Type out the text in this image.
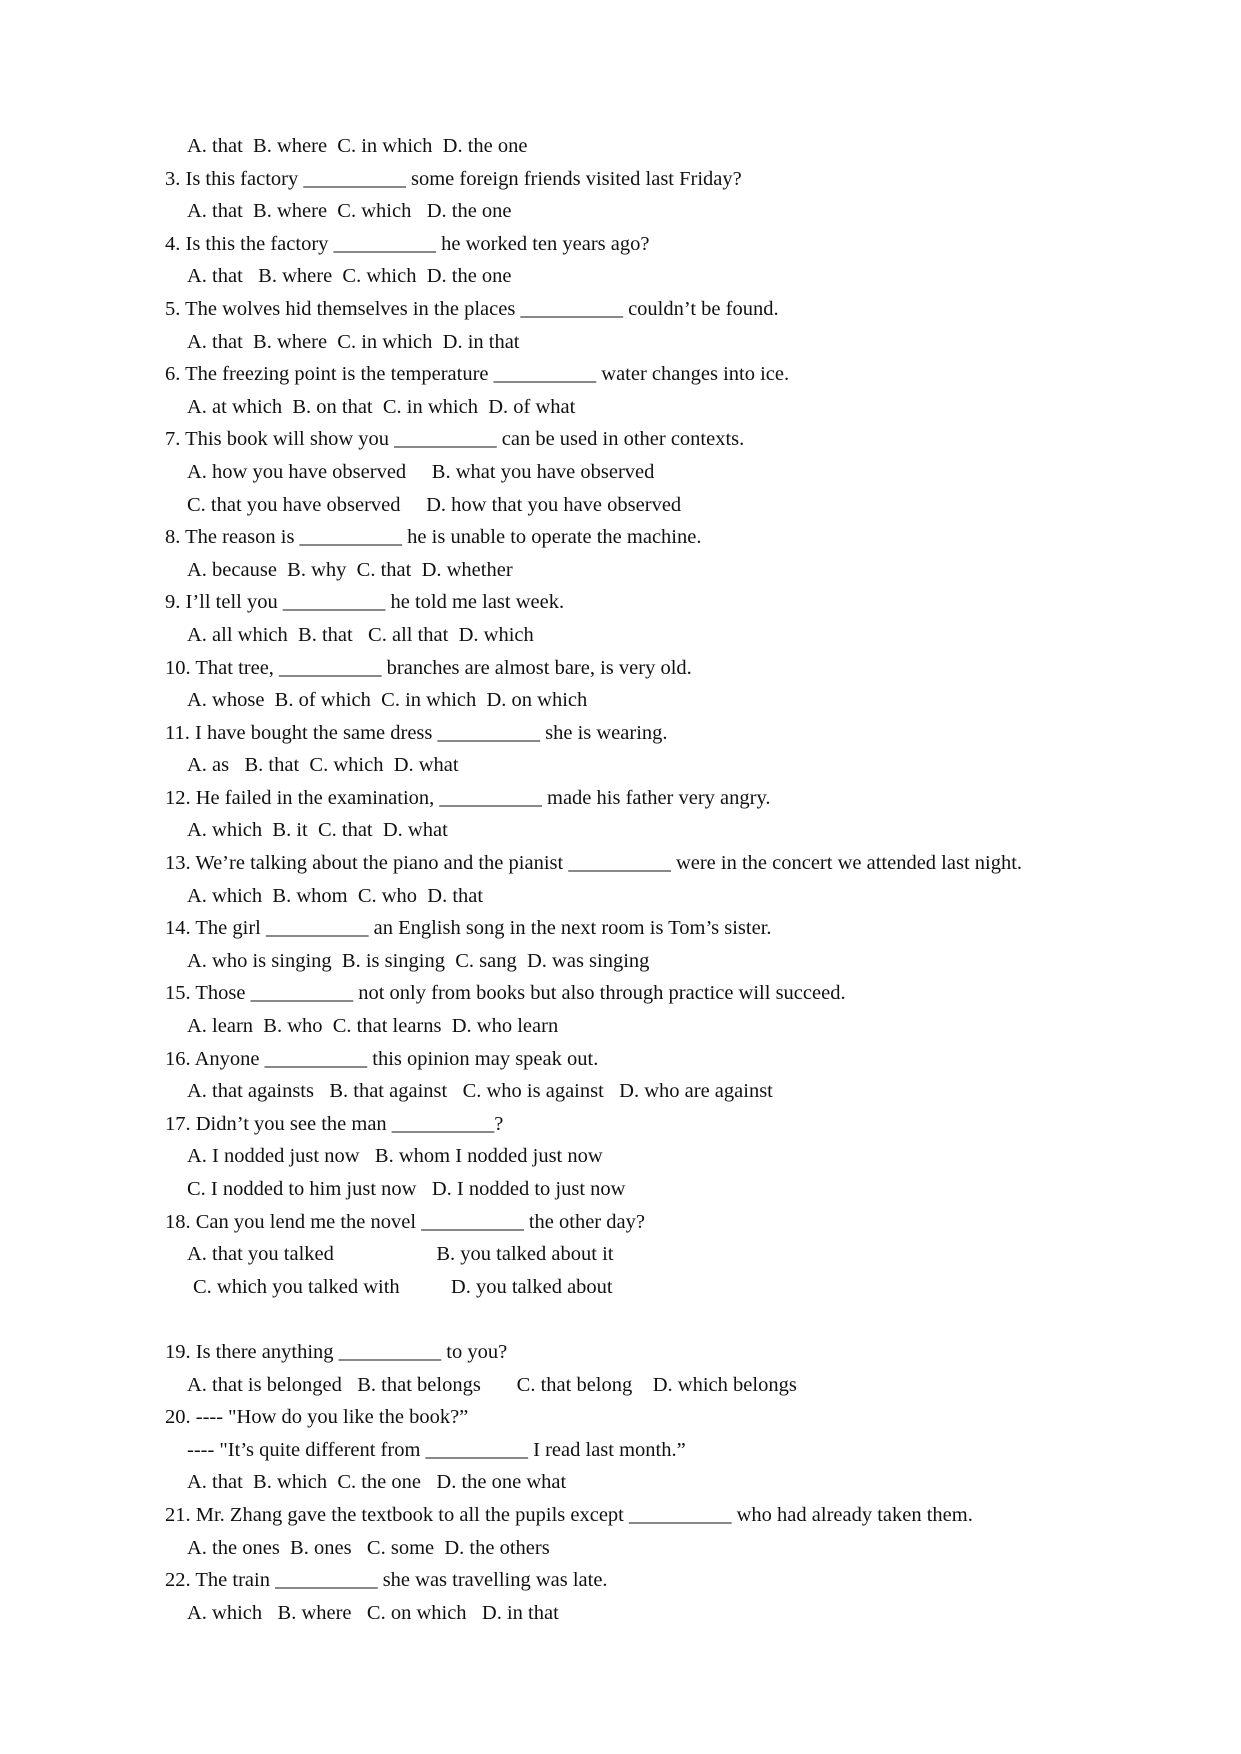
A. that  B. where  C. in which  D. the one
3. Is this factory __________ some foreign friends visited last Friday?
A. that  B. where  C. which   D. the one
4. Is this the factory __________ he worked ten years ago?
A. that   B. where  C. which  D. the one
5. The wolves hid themselves in the places __________ couldn’t be found.
A. that  B. where  C. in which  D. in that
6. The freezing point is the temperature __________ water changes into ice.
A. at which  B. on that  C. in which  D. of what
7. This book will show you __________ can be used in other contexts.
A. how you have observed     B. what you have observed
C. that you have observed     D. how that you have observed
8. The reason is __________ he is unable to operate the machine.
A. because  B. why  C. that  D. whether
9. I’ll tell you __________ he told me last week.
A. all which  B. that   C. all that  D. which
10. That tree, __________ branches are almost bare, is very old.
A. whose  B. of which  C. in which  D. on which
11. I have bought the same dress __________ she is wearing.
A. as   B. that  C. which  D. what
12. He failed in the examination, __________ made his father very angry.
A. which  B. it  C. that  D. what
13. We’re talking about the piano and the pianist __________ were in the concert we attended last night.
A. which  B. whom  C. who  D. that
14. The girl __________ an English song in the next room is Tom’s sister.
A. who is singing  B. is singing  C. sang  D. was singing
15. Those __________ not only from books but also through practice will succeed.
A. learn  B. who  C. that learns  D. who learn
16. Anyone __________ this opinion may speak out.
A. that againsts   B. that against   C. who is against   D. who are against
17. Didn’t you see the man __________?
A. I nodded just now   B. whom I nodded just now
C. I nodded to him just now   D. I nodded to just now
18. Can you lend me the novel __________ the other day?
A. that you talked                    B. you talked about it
C. which you talked with          D. you talked about
19. Is there anything __________ to you?
A. that is belonged   B. that belongs       C. that belong    D. which belongs
20. ---- "How do you like the book?”
---- "It’s quite different from __________ I read last month.”
A. that  B. which  C. the one   D. the one what
21. Mr. Zhang gave the textbook to all the pupils except __________ who had already taken them.
A. the ones  B. ones   C. some  D. the others
22. The train __________ she was travelling was late.
A. which   B. where   C. on which   D. in that
